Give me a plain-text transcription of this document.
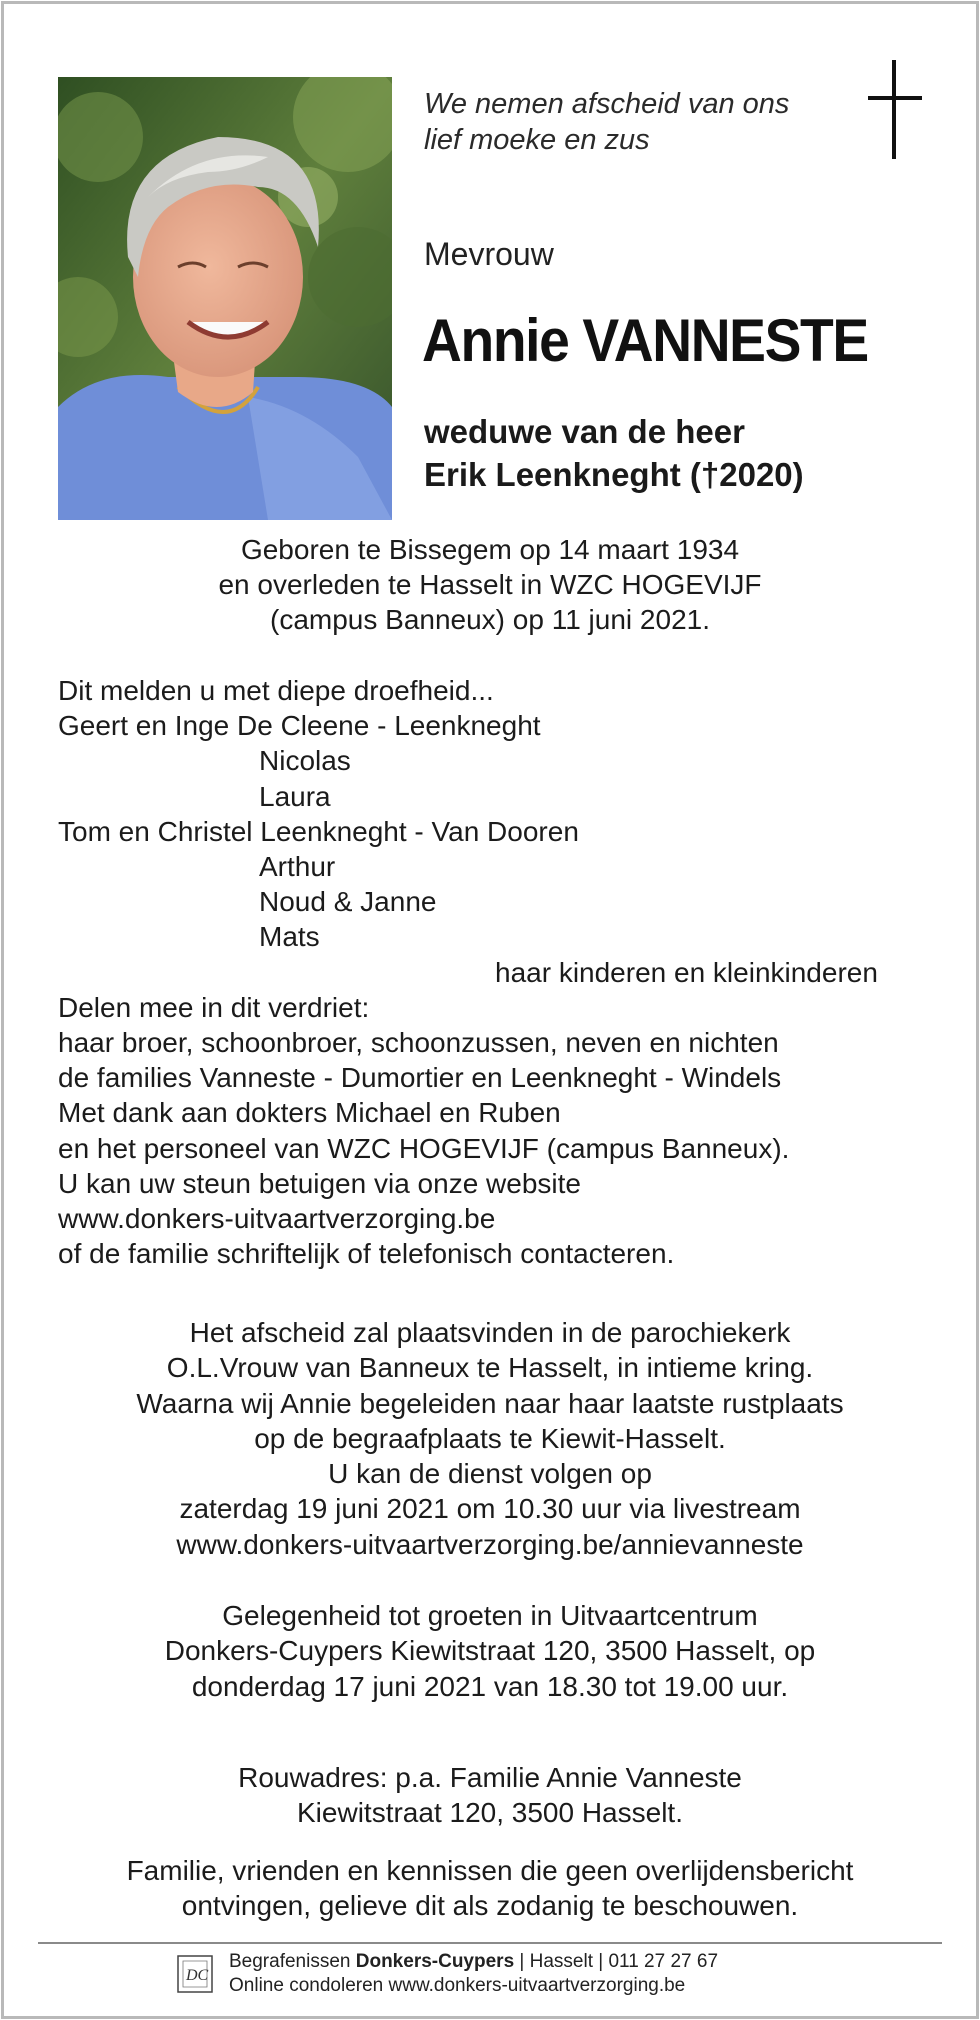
We nemen afscheid van ons
lief moeke en zus
Mevrouw
Annie VANNESTE
weduwe van de heer
Erik Leenkneght (†2020)
Geboren te Bissegem op 14 maart 1934
en overleden te Hasselt in WZC HOGEVIJF
(campus Banneux) op 11 juni 2021.
Dit melden u met diepe droefheid...
Geert en Inge De Cleene - Leenkneght
Nicolas
Laura
Tom en Christel Leenkneght - Van Dooren
Arthur
Noud & Janne
Mats
haar kinderen en kleinkinderen
Delen mee in dit verdriet:
haar broer, schoonbroer, schoonzussen, neven en nichten
de families Vanneste - Dumortier en Leenkneght - Windels
Met dank aan dokters Michael en Ruben
en het personeel van WZC HOGEVIJF (campus Banneux).
U kan uw steun betuigen via onze website
www.donkers-uitvaartverzorging.be
of de familie schriftelijk of telefonisch contacteren.
Het afscheid zal plaatsvinden in de parochiekerk
O.L.Vrouw van Banneux te Hasselt, in intieme kring.
Waarna wij Annie begeleiden naar haar laatste rustplaats
op de begraafplaats te Kiewit-Hasselt.
U kan de dienst volgen op
zaterdag 19 juni 2021 om 10.30 uur via livestream
www.donkers-uitvaartverzorging.be/annievanneste
Gelegenheid tot groeten in Uitvaartcentrum
Donkers-Cuypers Kiewitstraat 120, 3500 Hasselt, op
donderdag 17 juni 2021 van 18.30 tot 19.00 uur.
Rouwadres: p.a. Familie Annie Vanneste
Kiewitstraat 120, 3500 Hasselt.
Familie, vrienden en kennissen die geen overlijdensbericht
ontvingen, gelieve dit als zodanig te beschouwen.
DC
Begrafenissen Donkers-Cuypers | Hasselt | 011 27 27 67
Online condoleren www.donkers-uitvaartverzorging.be
